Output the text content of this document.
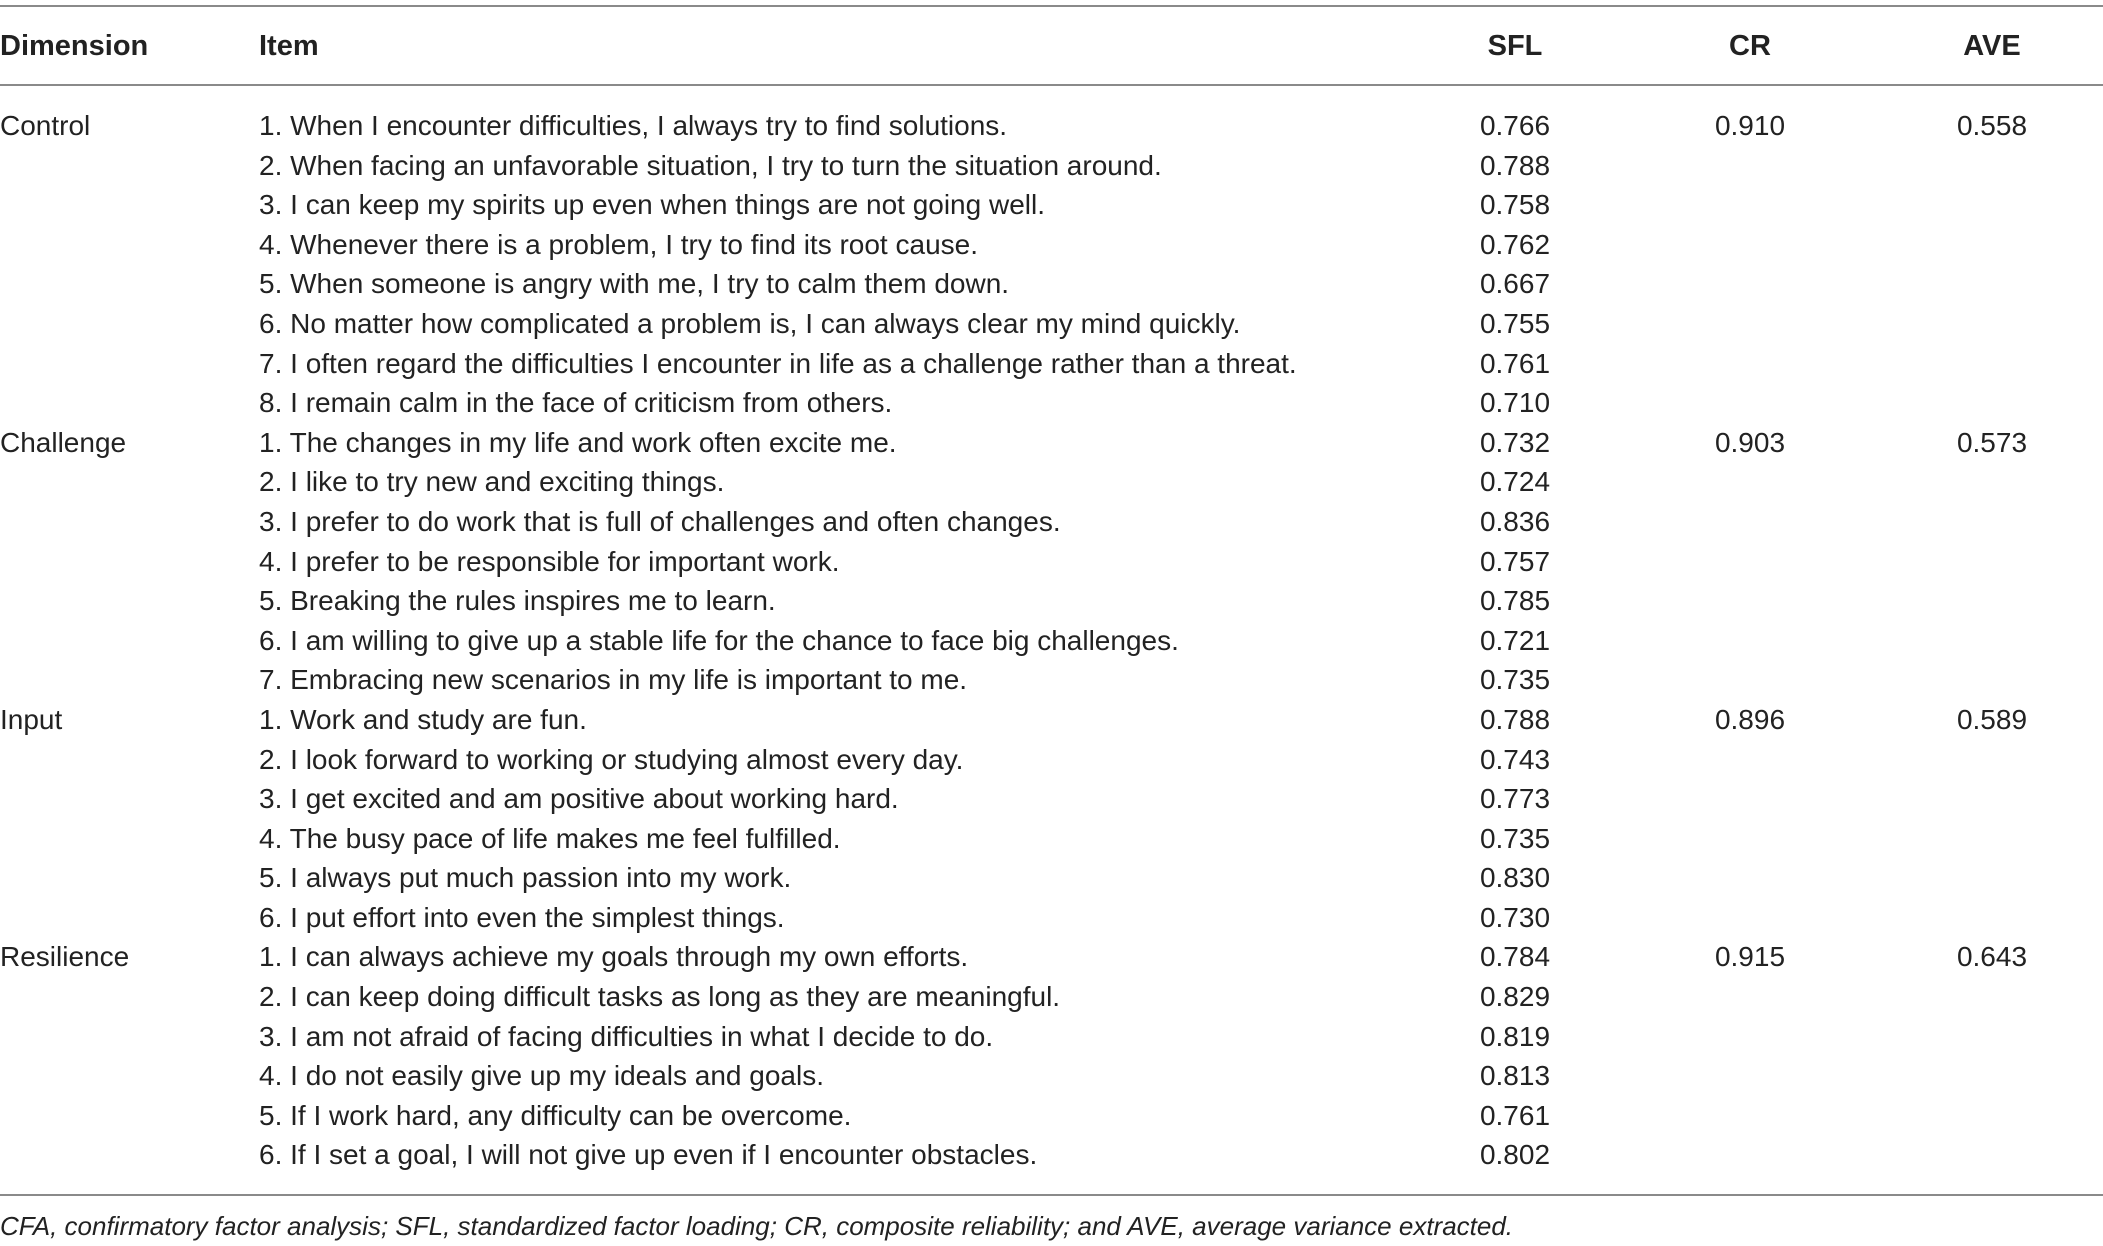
Dimension	Item	SFL	CR	AVE
Control	1. When I encounter difficulties, I always try to find solutions.	0.766	0.910	0.558
2. When facing an unfavorable situation, I try to turn the situation around.	0.788
3. I can keep my spirits up even when things are not going well.	0.758
4. Whenever there is a problem, I try to find its root cause.	0.762
5. When someone is angry with me, I try to calm them down.	0.667
6. No matter how complicated a problem is, I can always clear my mind quickly.	0.755
7. I often regard the difficulties I encounter in life as a challenge rather than a threat.	0.761
8. I remain calm in the face of criticism from others.	0.710
Challenge	1. The changes in my life and work often excite me.	0.732	0.903	0.573
2. I like to try new and exciting things.	0.724
3. I prefer to do work that is full of challenges and often changes.	0.836
4. I prefer to be responsible for important work.	0.757
5. Breaking the rules inspires me to learn.	0.785
6. I am willing to give up a stable life for the chance to face big challenges.	0.721
7. Embracing new scenarios in my life is important to me.	0.735
Input	1. Work and study are fun.	0.788	0.896	0.589
2. I look forward to working or studying almost every day.	0.743
3. I get excited and am positive about working hard.	0.773
4. The busy pace of life makes me feel fulfilled.	0.735
5. I always put much passion into my work.	0.830
6. I put effort into even the simplest things.	0.730
Resilience	1. I can always achieve my goals through my own efforts.	0.784	0.915	0.643
2. I can keep doing difficult tasks as long as they are meaningful.	0.829
3. I am not afraid of facing difficulties in what I decide to do.	0.819
4. I do not easily give up my ideals and goals.	0.813
5. If I work hard, any difficulty can be overcome.	0.761
6. If I set a goal, I will not give up even if I encounter obstacles.	0.802
CFA, confirmatory factor analysis; SFL, standardized factor loading; CR, composite reliability; and AVE, average variance extracted.
